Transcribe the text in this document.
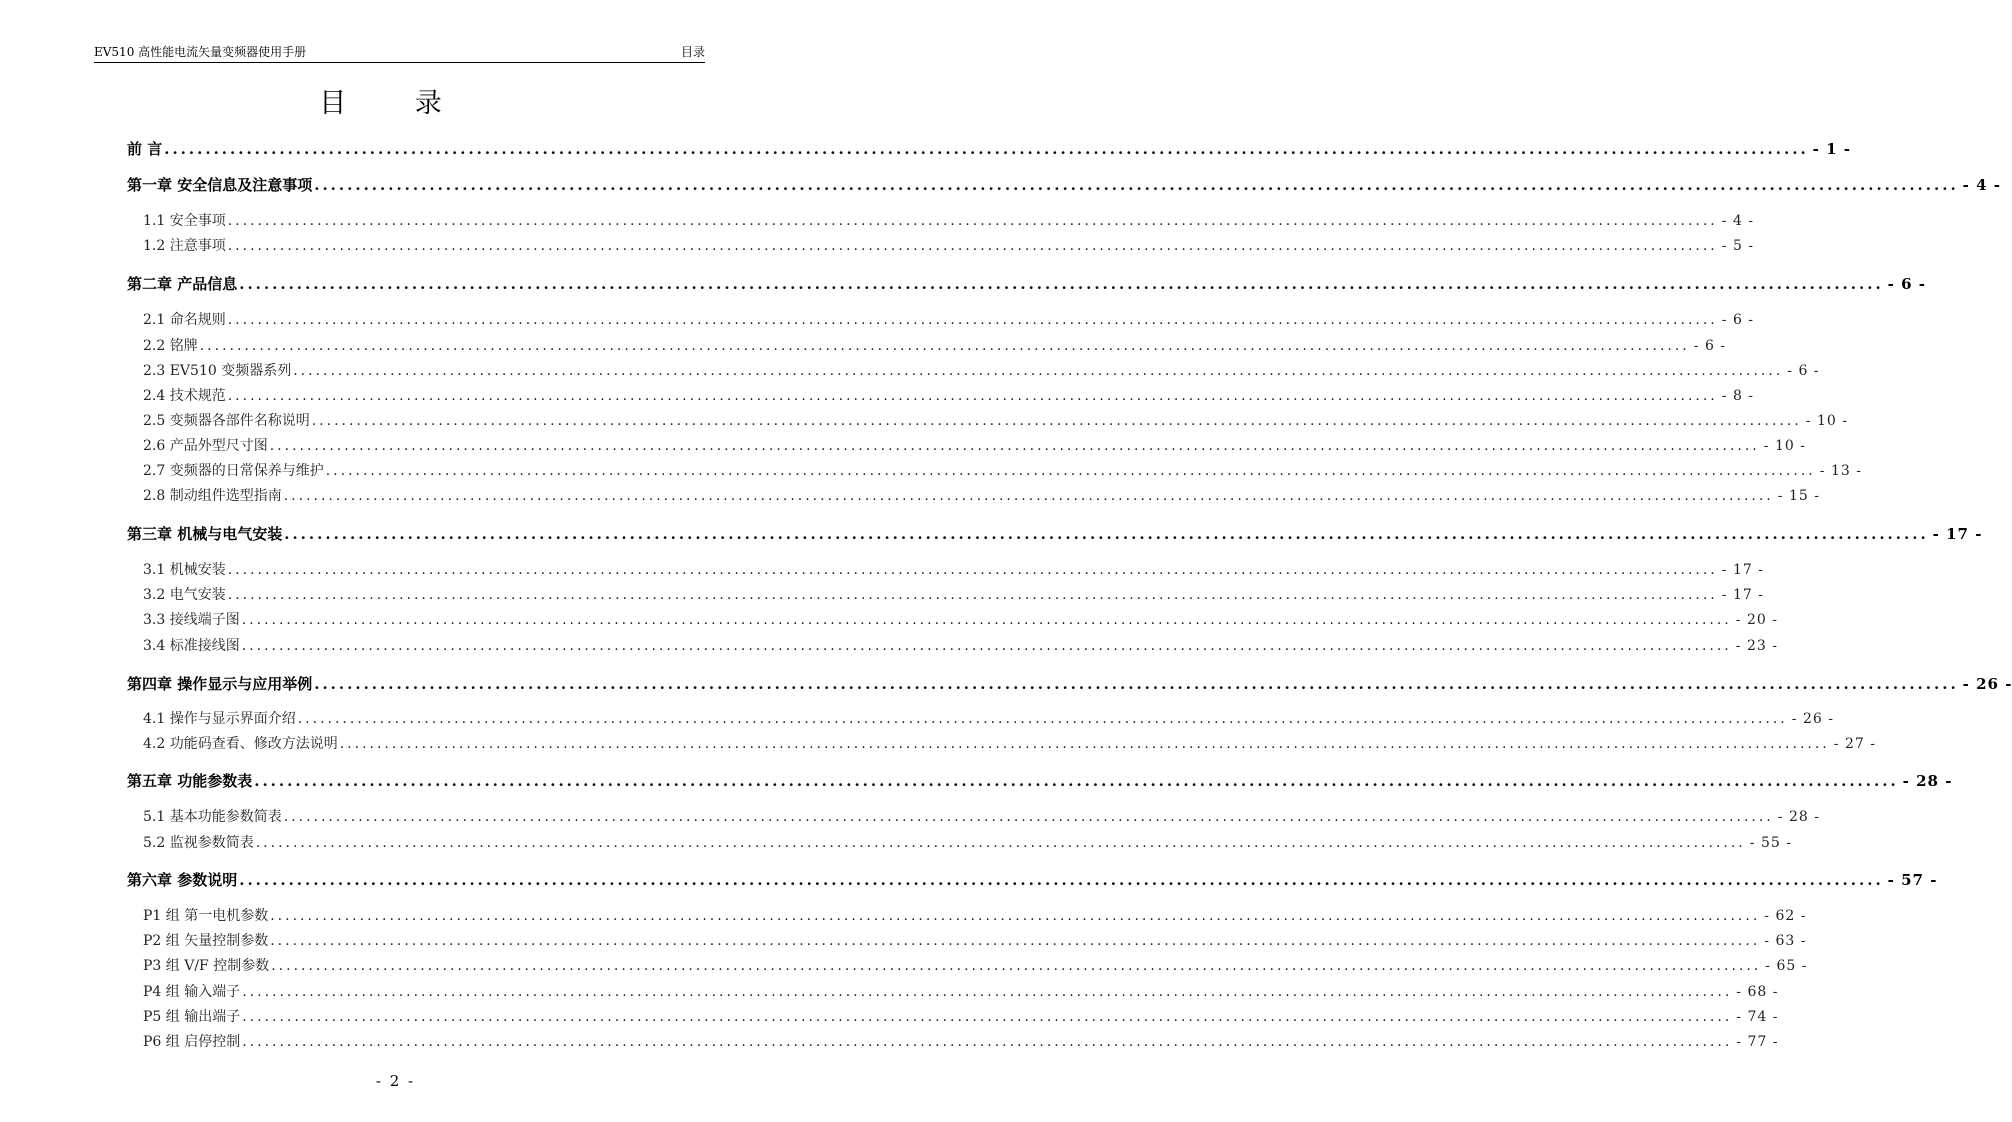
EV510 高性能电流矢量变频器使用手册	目录
目 录
前 言 ........................................................................................................................................................................................................ - 1 -
第一章 安全信息及注意事项 ........................................................................................................................................................................................................ - 4 -
1.1 安全事项 ........................................................................................................................................................................................................ - 4 -
1.2 注意事项 ........................................................................................................................................................................................................ - 5 -
第二章 产品信息 ........................................................................................................................................................................................................ - 6 -
2.1 命名规则 ........................................................................................................................................................................................................ - 6 -
2.2 铭牌 ........................................................................................................................................................................................................ - 6 -
2.3 EV510 变频器系列 ........................................................................................................................................................................................................ - 6 -
2.4 技术规范 ........................................................................................................................................................................................................ - 8 -
2.5 变频器各部件名称说明 ........................................................................................................................................................................................................ - 10 -
2.6 产品外型尺寸图 ........................................................................................................................................................................................................ - 10 -
2.7 变频器的日常保养与维护 ........................................................................................................................................................................................................ - 13 -
2.8 制动组件选型指南 ........................................................................................................................................................................................................ - 15 -
第三章 机械与电气安装 ........................................................................................................................................................................................................ - 17 -
3.1 机械安装 ........................................................................................................................................................................................................ - 17 -
3.2 电气安装 ........................................................................................................................................................................................................ - 17 -
3.3 接线端子图 ........................................................................................................................................................................................................ - 20 -
3.4 标准接线图 ........................................................................................................................................................................................................ - 23 -
第四章 操作显示与应用举例 ........................................................................................................................................................................................................ - 26 -
4.1 操作与显示界面介绍 ........................................................................................................................................................................................................ - 26 -
4.2 功能码查看、修改方法说明 ........................................................................................................................................................................................................ - 27 -
第五章 功能参数表 ........................................................................................................................................................................................................ - 28 -
5.1 基本功能参数简表 ........................................................................................................................................................................................................ - 28 -
5.2 监视参数简表 ........................................................................................................................................................................................................ - 55 -
第六章 参数说明 ........................................................................................................................................................................................................ - 57 -
P1 组 第一电机参数 ........................................................................................................................................................................................................ - 62 -
P2 组 矢量控制参数 ........................................................................................................................................................................................................ - 63 -
P3 组 V/F 控制参数 ........................................................................................................................................................................................................ - 65 -
P4 组 输入端子 ........................................................................................................................................................................................................ - 68 -
P5 组 输出端子 ........................................................................................................................................................................................................ - 74 -
P6 组 启停控制 ........................................................................................................................................................................................................ - 77 -
- 2 -
